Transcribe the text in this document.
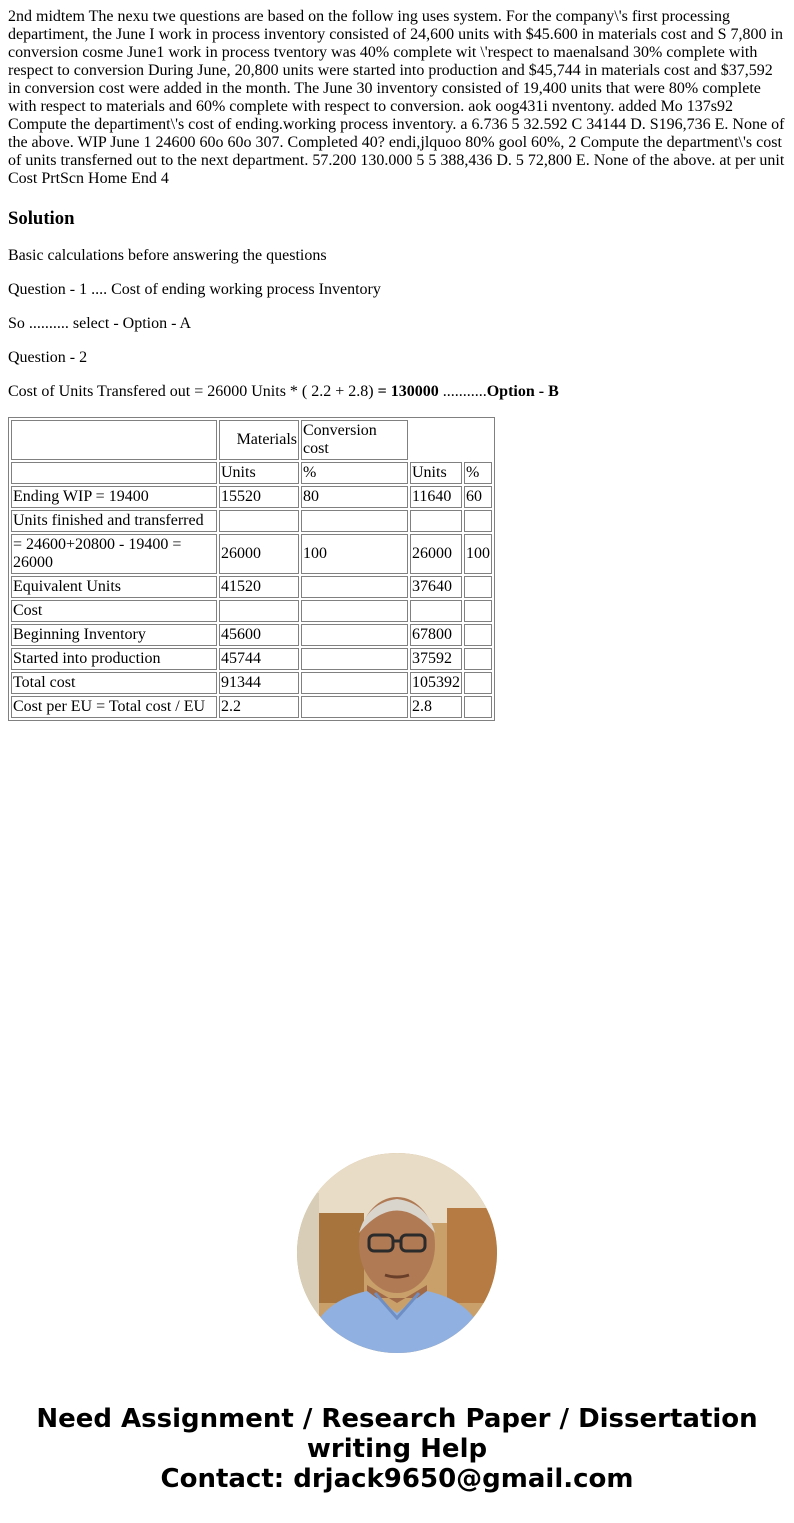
2nd midtem The nexu twe questions are based on the follow ing uses system. For the company\'s first processing departiment, the June I work in process inventory consisted of 24,600 units with $45.600 in materials cost and S 7,800 in conversion cosme June1 work in process tventory was 40% complete wit \'respect to maenalsand 30% complete with respect to conversion During June, 20,800 units were started into production and $45,744 in materials cost and $37,592 in conversion cost were added in the month. The June 30 inventory consisted of 19,400 units that were 80% complete with respect to materials and 60% complete with respect to conversion. aok oog431i nventony. added Mo 137s92 Compute the departiment\'s cost of ending.working process inventory. a 6.736 5 32.592 C 34144 D. S196,736 E. None of the above. WIP June 1 24600 60o 60o 307. Completed 40? endi,jlquoo 80% gool 60%, 2 Compute the department\'s cost of units transferned out to the next department. 57.200 130.000 5 5 388,436 D. 5 72,800 E. None of the above. at per unit Cost PrtScn Home End 4
Solution

Basic calculations before answering the questions

Question - 1 .... Cost of ending working process Inventory

So .......... select - Option - A

Question - 2

Cost of Units Transfered out = 26000 Units * ( 2.2 + 2.8) = 130000 ...........Option - B

	Materials	Conversion cost		
	Units	%	Units	%
Ending WIP = 19400	15520	80	11640	60
Units finished and transferred				
= 24600+20800 - 19400 = 26000	26000	100	26000	100
Equivalent Units	41520		37640	
Cost				
Beginning Inventory	45600		67800	
Started into production	45744		37592	
Total cost	91344		105392	
Cost per EU = Total cost / EU	2.2		2.8	
Need Assignment / Research Paper / Dissertation
writing Help
Contact: drjack9650@gmail.com
